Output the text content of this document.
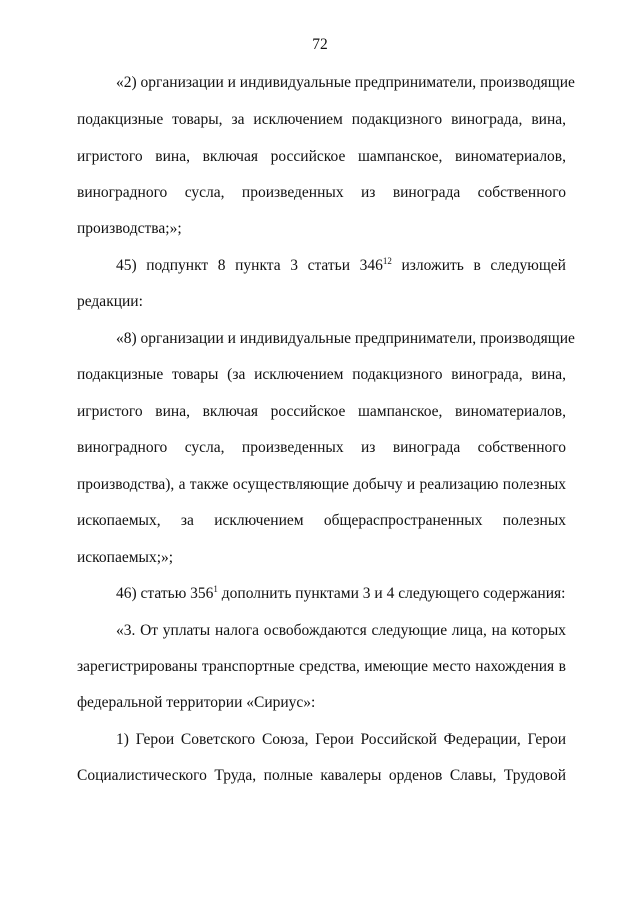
72
«2) организации и индивидуальные предприниматели, производящие
подакцизные товары, за исключением подакцизного винограда, вина,
игристого вина, включая российское шампанское, виноматериалов,
виноградного сусла, произведенных из винограда собственного
производства;»;
45) подпункт 8 пункта 3 статьи $346^{12}$ изложить в следующей
редакции:
«8) организации и индивидуальные предприниматели, производящие
подакцизные товары (за исключением подакцизного винограда, вина,
игристого вина, включая российское шампанское, виноматериалов,
виноградного сусла, произведенных из винограда собственного
производства), а также осуществляющие добычу и реализацию полезных
ископаемых, за исключением общераспространенных полезных
ископаемых;»;
46) статью $356^1$ дополнить пунктами 3 и 4 следующего содержания:
«3. От уплаты налога освобождаются следующие лица, на которых
зарегистрированы транспортные средства, имеющие место нахождения в
федеральной территории «Сириус»:
1) Герои Советского Союза, Герои Российской Федерации, Герои
Социалистического Труда, полные кавалеры орденов Славы, Трудовой
